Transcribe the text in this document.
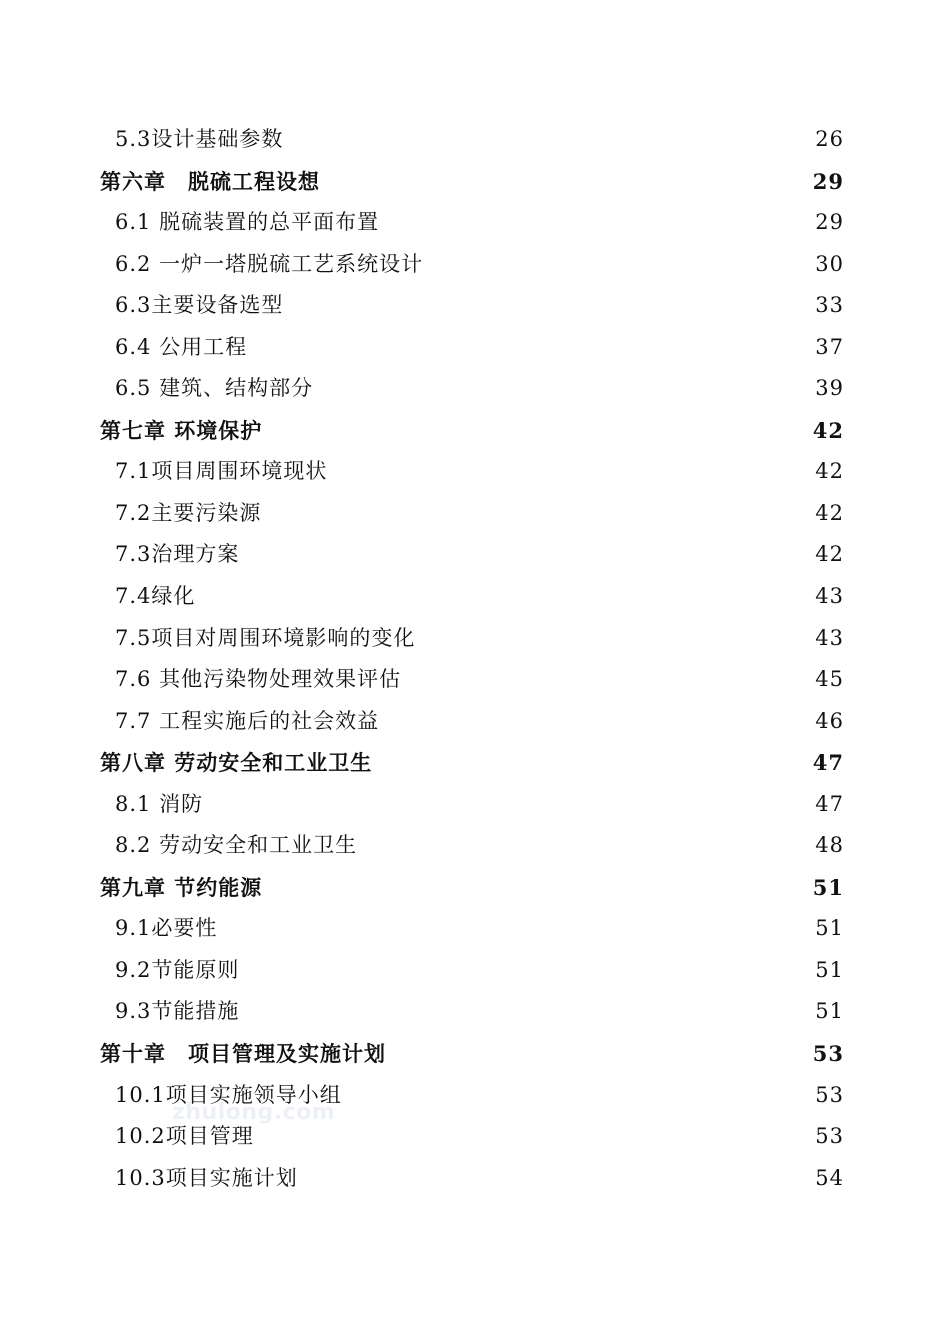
5.3设计基础参数	26
第六章　脱硫工程设想	29
6.1 脱硫装置的总平面布置	29
6.2 一炉一塔脱硫工艺系统设计	30
6.3主要设备选型	33
6.4 公用工程	37
6.5 建筑、结构部分	39
第七章 环境保护	42
7.1项目周围环境现状	42
7.2主要污染源	42
7.3治理方案	42
7.4绿化	43
7.5项目对周围环境影响的变化	43
7.6 其他污染物处理效果评估	45
7.7 工程实施后的社会效益	46
第八章 劳动安全和工业卫生	47
8.1 消防	47
8.2 劳动安全和工业卫生	48
第九章 节约能源	51
9.1必要性	51
9.2节能原则	51
9.3节能措施	51
第十章　项目管理及实施计划	53
10.1项目实施领导小组	53
10.2项目管理	53
10.3项目实施计划	54
zhulong.com
